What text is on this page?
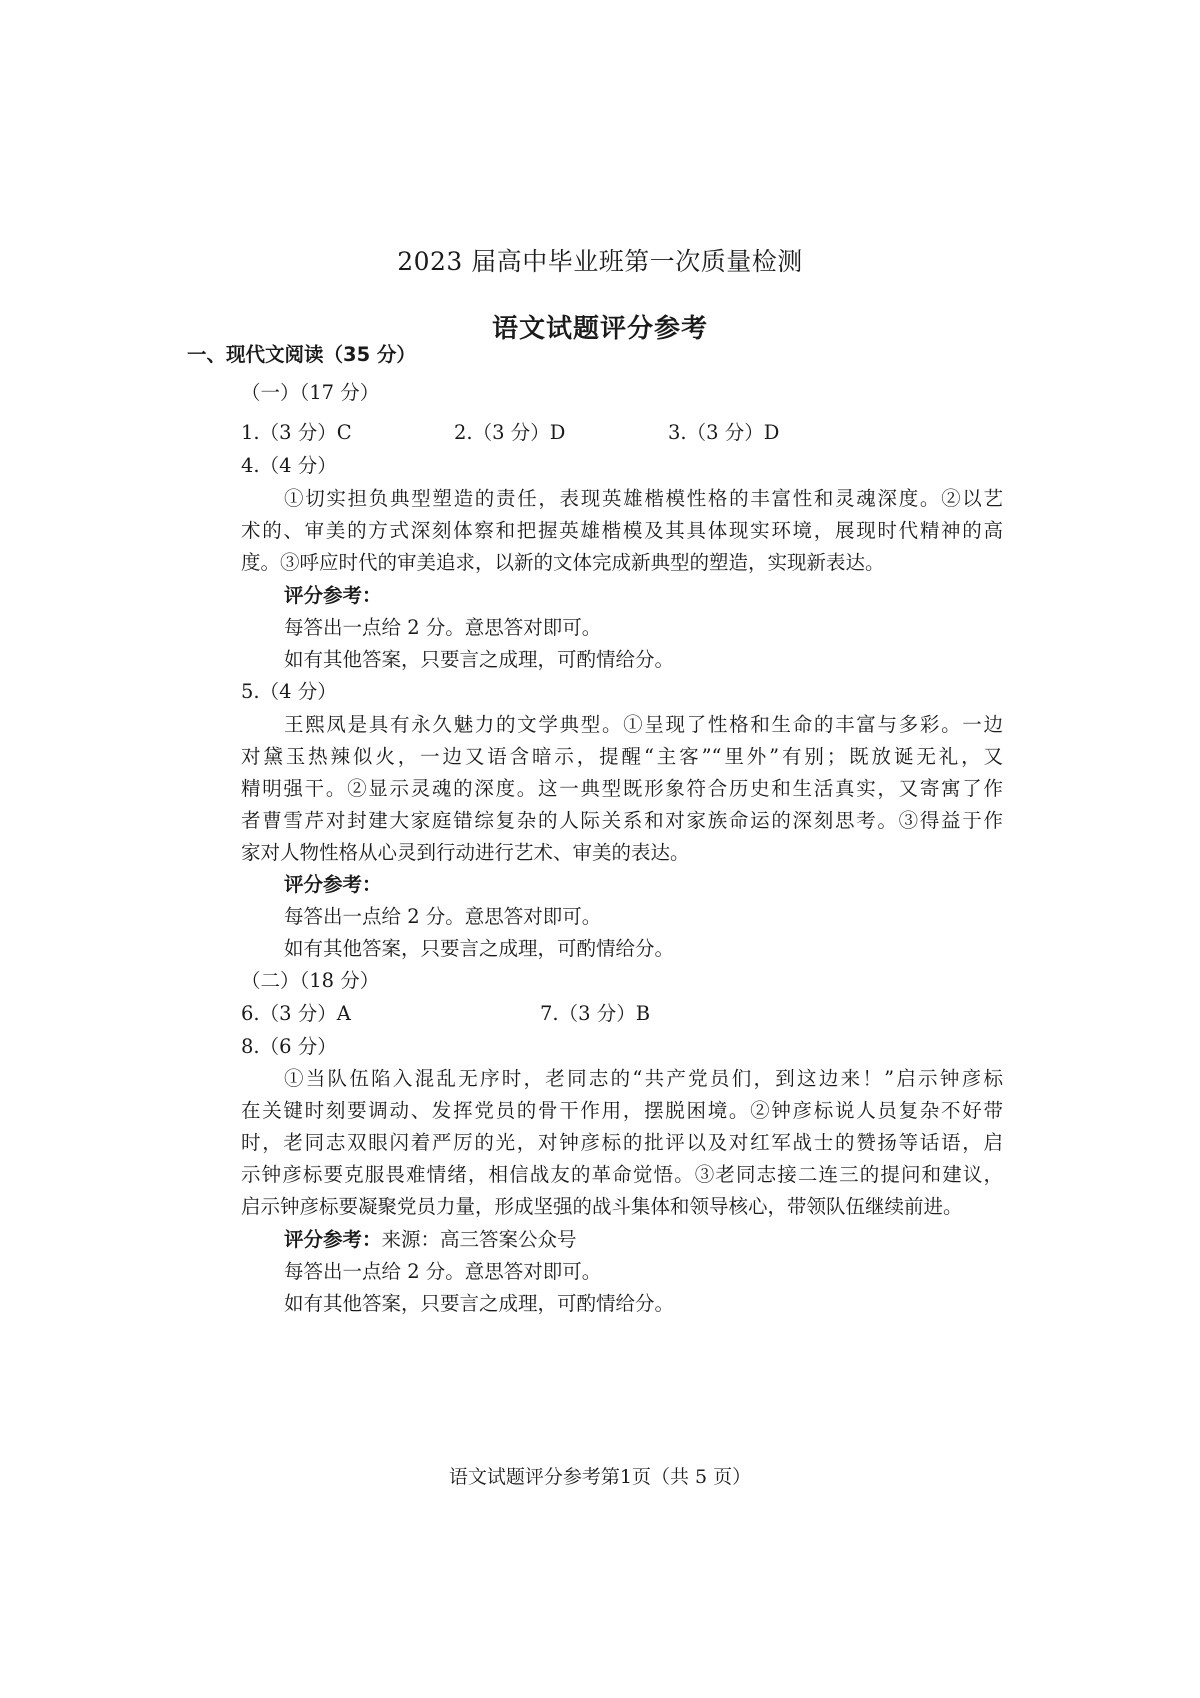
2023 届高中毕业班第一次质量检测
语文试题评分参考
一、现代文阅读（35 分）
（一）（17 分）
1.（3 分）C	2.（3 分）D	3.（3 分）D
4.（4 分）
①切实担负典型塑造的责任，表现英雄楷模性格的丰富性和灵魂深度。②以艺
术的、审美的方式深刻体察和把握英雄楷模及其具体现实环境，展现时代精神的高
度。③呼应时代的审美追求，以新的文体完成新典型的塑造，实现新表达。
评分参考：
每答出一点给 2 分。意思答对即可。
如有其他答案，只要言之成理，可酌情给分。
5.（4 分）
王熙凤是具有永久魅力的文学典型。①呈现了性格和生命的丰富与多彩。一边
对黛玉热辣似火，一边又语含暗示，提醒“主客”“里外”有别；既放诞无礼，又
精明强干。②显示灵魂的深度。这一典型既形象符合历史和生活真实，又寄寓了作
者曹雪芹对封建大家庭错综复杂的人际关系和对家族命运的深刻思考。③得益于作
家对人物性格从心灵到行动进行艺术、审美的表达。
评分参考：
每答出一点给 2 分。意思答对即可。
如有其他答案，只要言之成理，可酌情给分。
（二）（18 分）
6.（3 分）A	7.（3 分）B
8.（6 分）
①当队伍陷入混乱无序时，老同志的“共产党员们，到这边来！”启示钟彦标
在关键时刻要调动、发挥党员的骨干作用，摆脱困境。②钟彦标说人员复杂不好带
时，老同志双眼闪着严厉的光，对钟彦标的批评以及对红军战士的赞扬等话语，启
示钟彦标要克服畏难情绪，相信战友的革命觉悟。③老同志接二连三的提问和建议，
启示钟彦标要凝聚党员力量，形成坚强的战斗集体和领导核心，带领队伍继续前进。
评分参考：来源：高三答案公众号
每答出一点给 2 分。意思答对即可。
如有其他答案，只要言之成理，可酌情给分。
语文试题评分参考第1页（共 5 页）
